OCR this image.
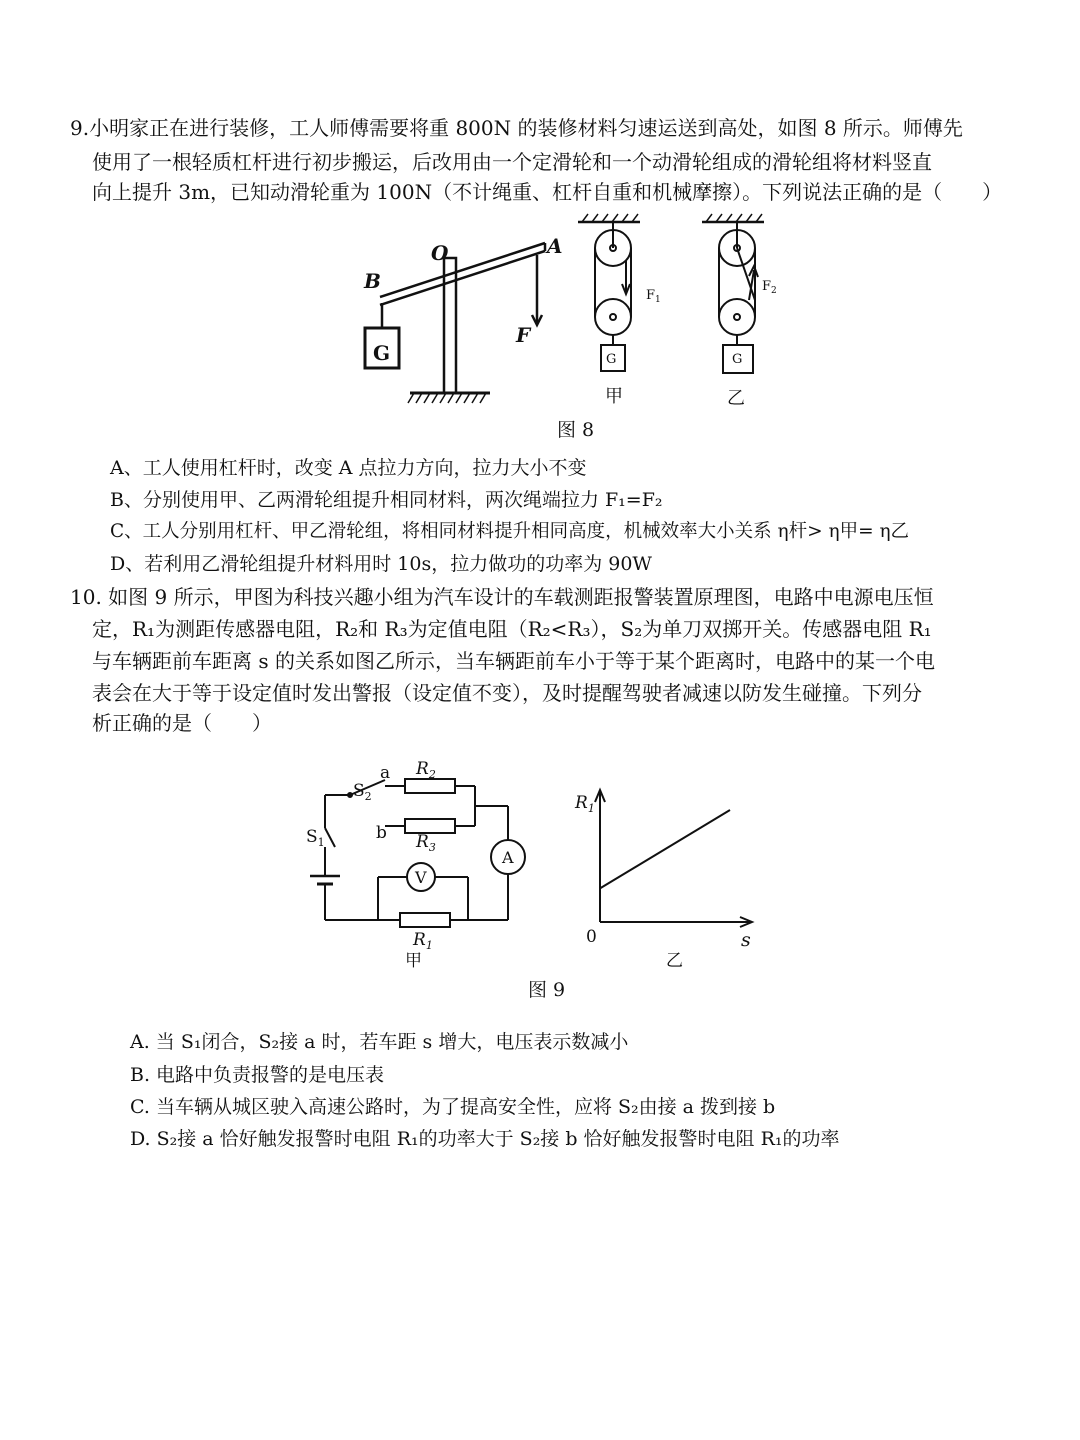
9.小明家正在进行装修，工人师傅需要将重 800N 的装修材料匀速运送到高处，如图 8 所示。师傅先
使用了一根轻质杠杆进行初步搬运，后改用由一个定滑轮和一个动滑轮组成的滑轮组将材料竖直
向上提升 3m，已知动滑轮重为 100N（不计绳重、杠杆自重和机械摩擦）。下列说法正确的是（　　）
B
O	A
G
F
$F_1$
G
甲
$F_2$
G
乙
图 8
A、工人使用杠杆时，改变 A 点拉力方向，拉力大小不变
B、分别使用甲、乙两滑轮组提升相同材料，两次绳端拉力 F₁=F₂
C、工人分别用杠杆、甲乙滑轮组，将相同材料提升相同高度，机械效率大小关系 η杆> η甲= η乙
D、若利用乙滑轮组提升材料用时 10s，拉力做功的功率为 90W
10. 如图 9 所示，甲图为科技兴趣小组为汽车设计的车载测距报警装置原理图，电路中电源电压恒
定，R₁为测距传感器电阻，R₂和 R₃为定值电阻（R₂<R₃），S₂为单刀双掷开关。传感器电阻 R₁
与车辆距前车距离 s 的关系如图乙所示，当车辆距前车小于等于某个距离时，电路中的某一个电
表会在大于等于设定值时发出警报（设定值不变），及时提醒驾驶者减速以防发生碰撞。下列分
析正确的是（　　）
a
b
$S_2$
$S_1$
$R_2$
$R_3$
$R_1$
A
V
甲
$R_1$
s
0
乙
图 9
A. 当 S₁闭合，S₂接 a 时，若车距 s 增大，电压表示数减小
B. 电路中负责报警的是电压表
C. 当车辆从城区驶入高速公路时，为了提高安全性，应将 S₂由接 a 拨到接 b
D. S₂接 a 恰好触发报警时电阻 R₁的功率大于 S₂接 b 恰好触发报警时电阻 R₁的功率
